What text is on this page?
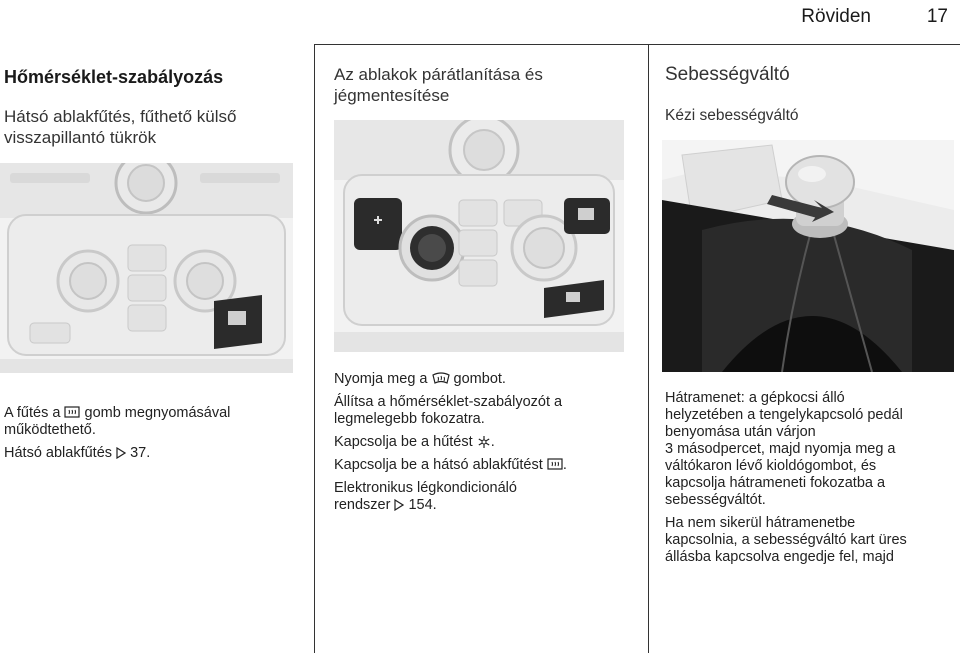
Röviden	17
Hőmérséklet-szabályozás
Hátsó ablakfűtés, fűthető külső
visszapillantó tükrök
A fűtés a gomb megnyomásával
működtethető.
Hátsó ablakfűtés 37.
Az ablakok párátlanítása és
jégmentesítése
Nyomja meg a gombot.
Állítsa a hőmérséklet-szabályozót a
legmelegebb fokozatra.
Kapcsolja be a hűtést .
Kapcsolja be a hátsó ablakfűtést .
Elektronikus légkondicionáló
rendszer 154.
Sebességváltó
Kézi sebességváltó
Hátramenet: a gépkocsi álló
helyzetében a tengelykapcsoló pedál
benyomása után várjon
3 másodpercet, majd nyomja meg a
váltókaron lévő kioldógombot, és
kapcsolja hátrameneti fokozatba a
sebességváltót.
Ha nem sikerül hátramenetbe
kapcsolnia, a sebességváltó kart üres
állásba kapcsolva engedje fel, majd
